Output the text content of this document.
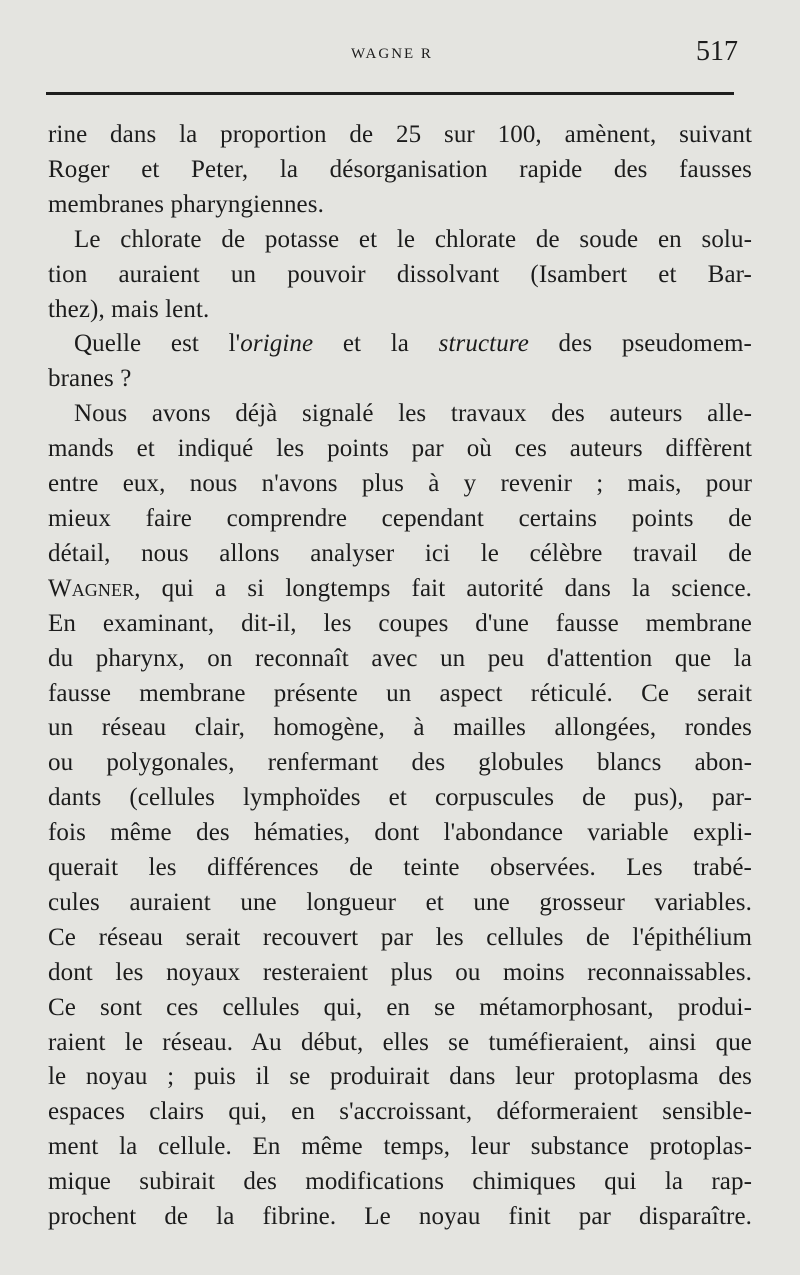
WAGNE R	517
rine dans la proportion de 25 sur 100, amènent, suivant
Roger et Peter, la désorganisation rapide des fausses
membranes pharyngiennes.
Le chlorate de potasse et le chlorate de soude en solu-
tion auraient un pouvoir dissolvant (Isambert et Bar-
thez), mais lent.
Quelle est l'origine et la structure des pseudomem-
branes ?
Nous avons déjà signalé les travaux des auteurs alle-
mands et indiqué les points par où ces auteurs diffèrent
entre eux, nous n'avons plus à y revenir ; mais, pour
mieux faire comprendre cependant certains points de
détail, nous allons analyser ici le célèbre travail de
Wagner, qui a si longtemps fait autorité dans la science.
En examinant, dit-il, les coupes d'une fausse membrane
du pharynx, on reconnaît avec un peu d'attention que la
fausse membrane présente un aspect réticulé. Ce serait
un réseau clair, homogène, à mailles allongées, rondes
ou polygonales, renfermant des globules blancs abon-
dants (cellules lymphoïdes et corpuscules de pus), par-
fois même des hématies, dont l'abondance variable expli-
querait les différences de teinte observées. Les trabé-
cules auraient une longueur et une grosseur variables.
Ce réseau serait recouvert par les cellules de l'épithélium
dont les noyaux resteraient plus ou moins reconnaissables.
Ce sont ces cellules qui, en se métamorphosant, produi-
raient le réseau. Au début, elles se tuméfieraient, ainsi que
le noyau ; puis il se produirait dans leur protoplasma des
espaces clairs qui, en s'accroissant, déformeraient sensible-
ment la cellule. En même temps, leur substance protoplas-
mique subirait des modifications chimiques qui la rap-
prochent de la fibrine. Le noyau finit par disparaître.
